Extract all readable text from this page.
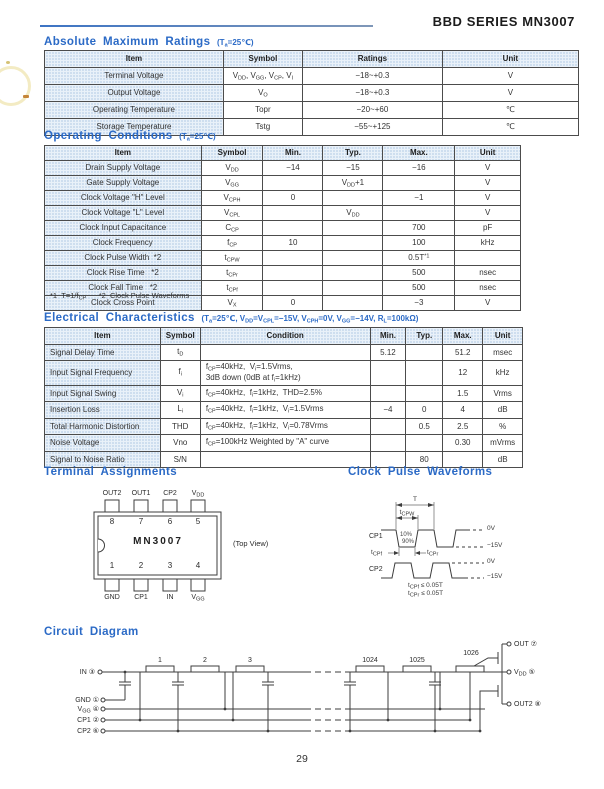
BBD SERIES MN3007
Absolute Maximum Ratings $(T_a=25℃)$
Item	Symbol	Ratings	Unit
Terminal Voltage	$V_{DD}$, $V_{GG}$, $V_{CP}$, $V_I$	−18~+0.3	V
Output Voltage	$V_O$	−18~+0.3	V
Operating Temperature	Topr	−20~+60	℃
Storage Temperature	Tstg	−55~+125	℃
Operating Conditions $(T_a=25℃)$
Item	Symbol	Min.	Typ.	Max.	Unit
Drain Supply Voltage	$V_{DD}$	−14	−15	−16	V
Gate Supply Voltage	$V_{GG}$		$V_{DD}+1$		V
Clock Voltage "H" Level	$V_{CPH}$	0		−1	V
Clock Voltage "L" Level	$V_{CPL}$		$V_{DD}$		V
Clock Input Capacitance	$C_{CP}$			700	pF
Clock Frequency	$f_{CP}$	10		100	kHz
Clock Pulse Width  *2	$t_{CPW}$			$0.5T^{*1}$	
Clock Rise Time   *2	$t_{CPr}$			500	nsec
Clock Fall Time   *2	$t_{CPf}$			500	nsec
Clock Cross Point	$V_X$	0		−3	V
*1  $T=1/f_{CP}$      *2  Clock Pulse Waveforms
Electrical Characteristics ($T_a=25℃$, $V_{DD}=V_{CPL}=-15V$, $V_{CPH}=0V$, $V_{GG}=-14V$, $R_L=100k\Omega$)
Item	Symbol	Condition	Min.	Typ.	Max.	Unit
Signal Delay Time	$t_D$		5.12		51.2	msec
Input Signal Frequency	$f_i$	$f_{CP}=40kHz$,  $V_i=1.5Vrms$,
3dB down (0dB at $f_i=1kHz$)			12	kHz
Input Signal Swing	$V_i$	$f_{CP}=40kHz$,  $f_i=1kHz$,  THD=2.5%			1.5	Vrms
Insertion Loss	$L_i$	$f_{CP}=40kHz$,  $f_i=1kHz$,  $V_i=1.5Vrms$	−4	0	4	dB
Total Harmonic Distortion	THD	$f_{CP}=40kHz$,  $f_i=1kHz$,  $V_i=0.78Vrms$		0.5	2.5	%
Noise Voltage	Vno	$f_{CP}=100kHz$ Weighted by "A" curve			0.30	mVrms
Signal to Noise Ratio	S/N			80		dB
Terminal Assignments
OUT2 OUT1 CP2 $V_{DD}$
8	7	6	5
MN3007
1	2	3	4
GND CP1	IN	$V_{GG}$
(Top View)
Clock Pulse Waveforms
T
$t_{CPW}$
CP1	10%
90%
$t_{CPf}$	$t_{CPr}$
0V
−15V
CP2
0V
−15V
$t_{CPf} \le 0.05T$
$t_{CPr} \le 0.05T$
Circuit Diagram
IN ③
GND ①
$V_{GG}$ ④
CP1 ②
CP2 ⑥
1	2	3	1024	1025
1026
OUT ⑦
$V_{DD}$ ⑤
OUT2 ⑧
29
